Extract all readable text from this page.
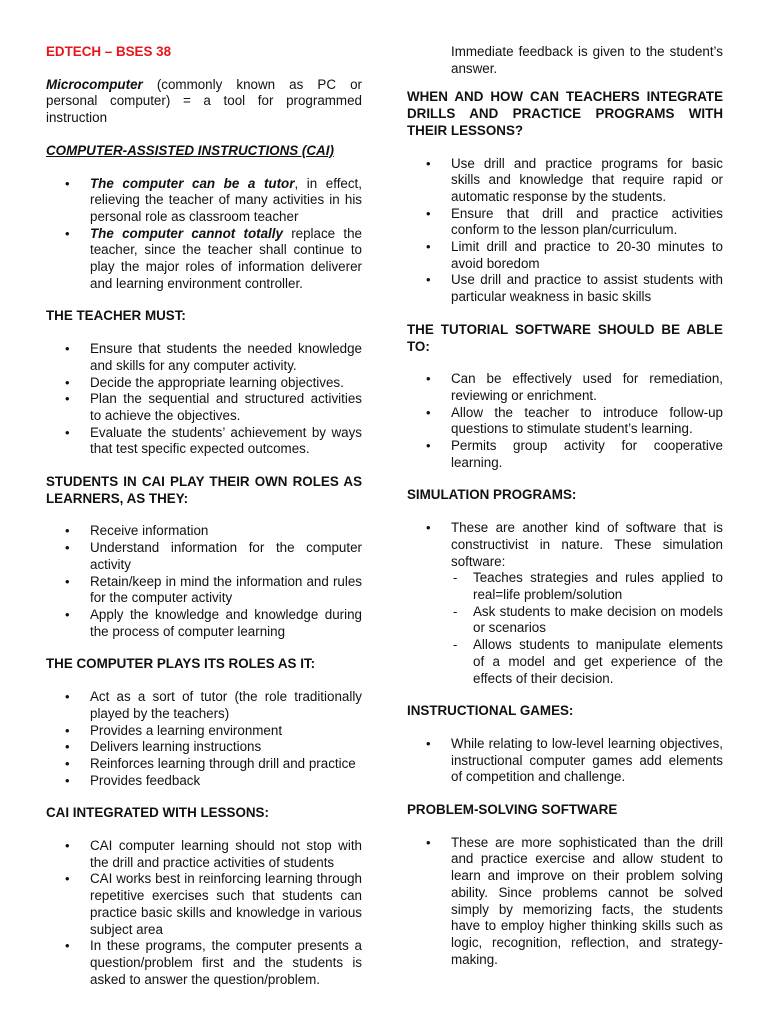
EDTECH – BSES 38

Microcomputer (commonly known as PC or personal computer) = a tool for programmed instruction

COMPUTER-ASSISTED INSTRUCTIONS (CAI)

• The computer can be a tutor, in effect, relieving the teacher of many activities in his personal role as classroom teacher
• The computer cannot totally replace the teacher, since the teacher shall continue to play the major roles of information deliverer and learning environment controller.

THE TEACHER MUST:

• Ensure that students the needed knowledge and skills for any computer activity.
• Decide the appropriate learning objectives.
• Plan the sequential and structured activities to achieve the objectives.
• Evaluate the students’ achievement by ways that test specific expected outcomes.

STUDENTS IN CAI PLAY THEIR OWN ROLES AS LEARNERS, AS THEY:

• Receive information
• Understand information for the computer activity
• Retain/keep in mind the information and rules for the computer activity
• Apply the knowledge and knowledge during the process of computer learning

THE COMPUTER PLAYS ITS ROLES AS IT:

• Act as a sort of tutor (the role traditionally played by the teachers)
• Provides a learning environment
• Delivers learning instructions
• Reinforces learning through drill and practice
• Provides feedback

CAI INTEGRATED WITH LESSONS:

• CAI computer learning should not stop with the drill and practice activities of students
• CAI works best in reinforcing learning through repetitive exercises such that students can practice basic skills and knowledge in various subject area
• In these programs, the computer presents a question/problem first and the students is asked to answer the question/problem.

Immediate feedback is given to the student’s answer.

WHEN AND HOW CAN TEACHERS INTEGRATE DRILLS AND PRACTICE PROGRAMS WITH THEIR LESSONS?

• Use drill and practice programs for basic skills and knowledge that require rapid or automatic response by the students.
• Ensure that drill and practice activities conform to the lesson plan/curriculum.
• Limit drill and practice to 20-30 minutes to avoid boredom
• Use drill and practice to assist students with particular weakness in basic skills

THE TUTORIAL SOFTWARE SHOULD BE ABLE TO:

• Can be effectively used for remediation, reviewing or enrichment.
• Allow the teacher to introduce follow-up questions to stimulate student’s learning.
• Permits group activity for cooperative learning.

SIMULATION PROGRAMS:

• These are another kind of software that is constructivist in nature. These simulation software:
- Teaches strategies and rules applied to real=life problem/solution
- Ask students to make decision on models or scenarios
- Allows students to manipulate elements of a model and get experience of the effects of their decision.

INSTRUCTIONAL GAMES:

• While relating to low-level learning objectives, instructional computer games add elements of competition and challenge.

PROBLEM-SOLVING SOFTWARE

• These are more sophisticated than the drill and practice exercise and allow student to learn and improve on their problem solving ability. Since problems cannot be solved simply by memorizing facts, the students have to employ higher thinking skills such as logic, recognition, reflection, and strategy-making.
